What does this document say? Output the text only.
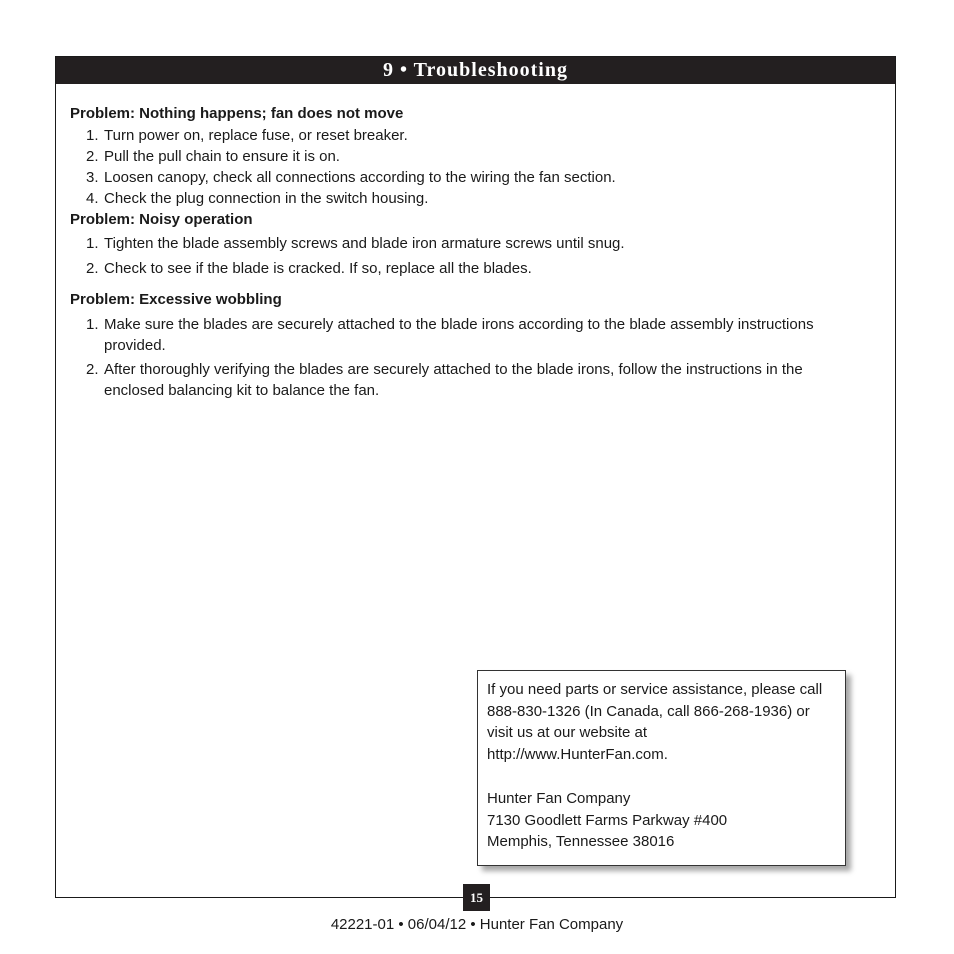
9 • Troubleshooting

Problem: Nothing happens; fan does not move

1. Turn power on, replace fuse, or reset breaker.
2. Pull the pull chain to ensure it is on.
3. Loosen canopy, check all connections according to the wiring the fan section.
4. Check the plug connection in the switch housing.

Problem: Noisy operation

1. Tighten the blade assembly screws and blade iron armature screws until snug.
2. Check to see if the blade is cracked. If so, replace all the blades.

Problem: Excessive wobbling

1. Make sure the blades are securely attached to the blade irons according to the blade assembly instructions provided.
2. After thoroughly verifying the blades are securely attached to the blade irons, follow the instructions in the enclosed balancing kit to balance the fan.

If you need parts or service assistance, please call

888-830-1326 (In Canada, call 866-268-1936) or

visit us at our website at

http://www.HunterFan.com.

Hunter Fan Company

7130 Goodlett Farms Parkway #400

Memphis, Tennessee 38016

15
42221-01 • 06/04/12 • Hunter Fan Company
